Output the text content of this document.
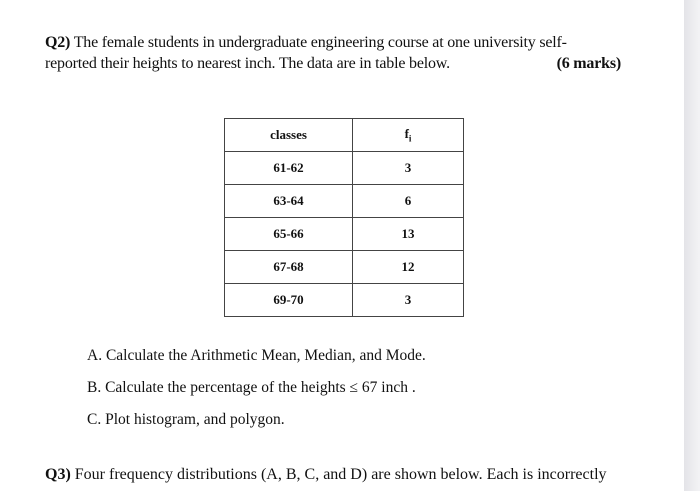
Q2) The female students in undergraduate engineering course at one university self-
reported their heights to nearest inch. The data are in table below.	(6 marks)
classes	$f_i$
61-62	3
63-64	6
65-66	13
67-68	12
69-70	3
A. Calculate the Arithmetic Mean, Median, and Mode.
B. Calculate the percentage of the heights ≤ 67 inch .
C. Plot histogram, and polygon.
Q3) Four frequency distributions (A, B, C, and D) are shown below. Each is incorrectly
